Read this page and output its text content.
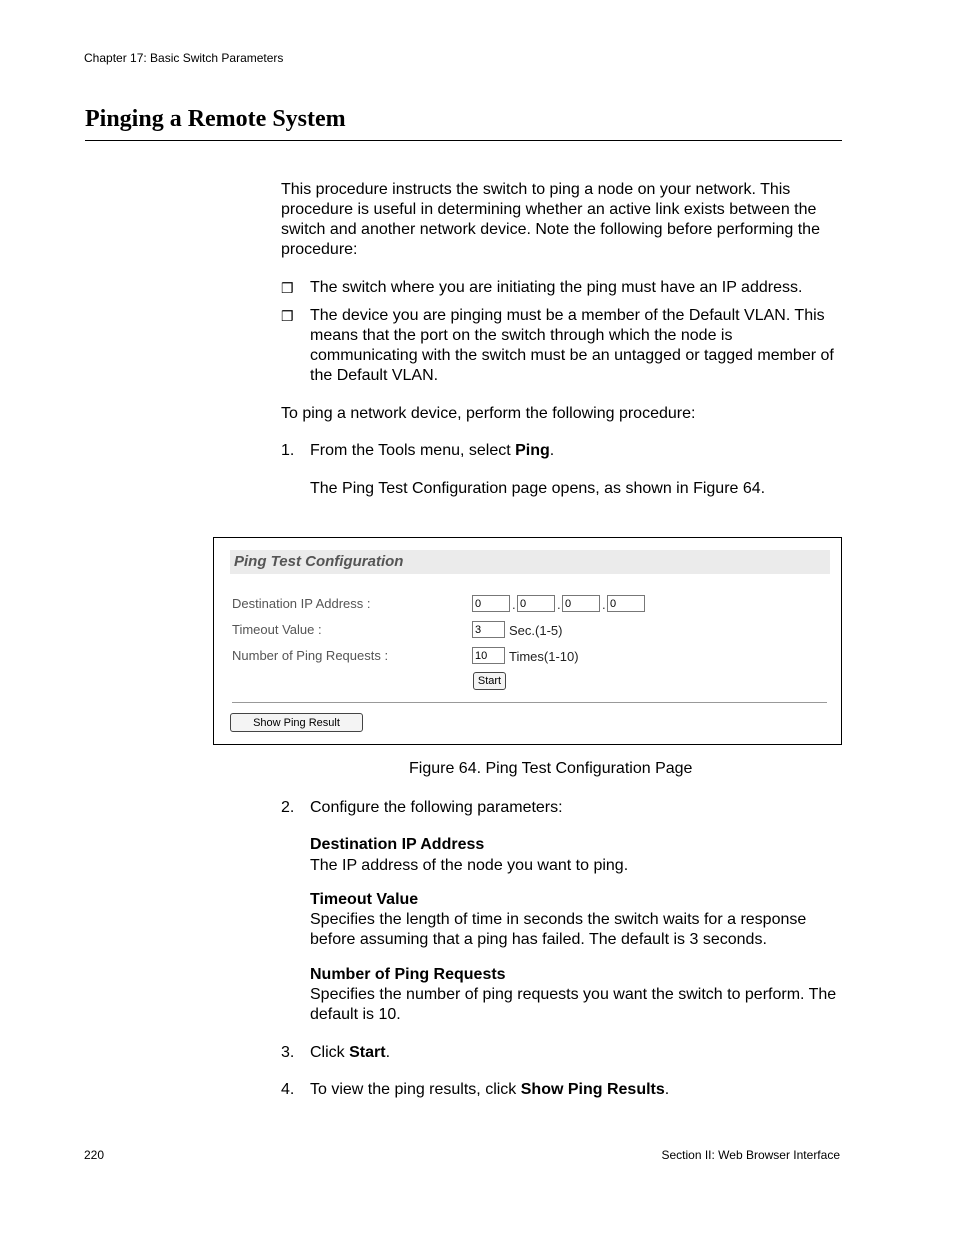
Chapter 17: Basic Switch Parameters
Pinging a Remote System
This procedure instructs the switch to ping a node on your network. This procedure is useful in determining whether an active link exists between the switch and another network device. Note the following before performing the procedure:
❒ The switch where you are initiating the ping must have an IP address.
❒ The device you are pinging must be a member of the Default VLAN. This means that the port on the switch through which the node is communicating with the switch must be an untagged or tagged member of the Default VLAN.
To ping a network device, perform the following procedure:
1. From the Tools menu, select Ping.
The Ping Test Configuration page opens, as shown in Figure 64.
Ping Test Configuration
Destination IP Address :
0	.
0	.
0	.
0
Timeout Value :
3	Sec.(1-5)
Number of Ping Requests :
10	Times(1-10)
Start
Show Ping Result
Figure 64. Ping Test Configuration Page
2. Configure the following parameters:
Destination IP Address
The IP address of the node you want to ping.
Timeout Value
Specifies the length of time in seconds the switch waits for a response before assuming that a ping has failed. The default is 3 seconds.
Number of Ping Requests
Specifies the number of ping requests you want the switch to perform. The default is 10.
3. Click Start.
4. To view the ping results, click Show Ping Results.
220	Section II: Web Browser Interface
